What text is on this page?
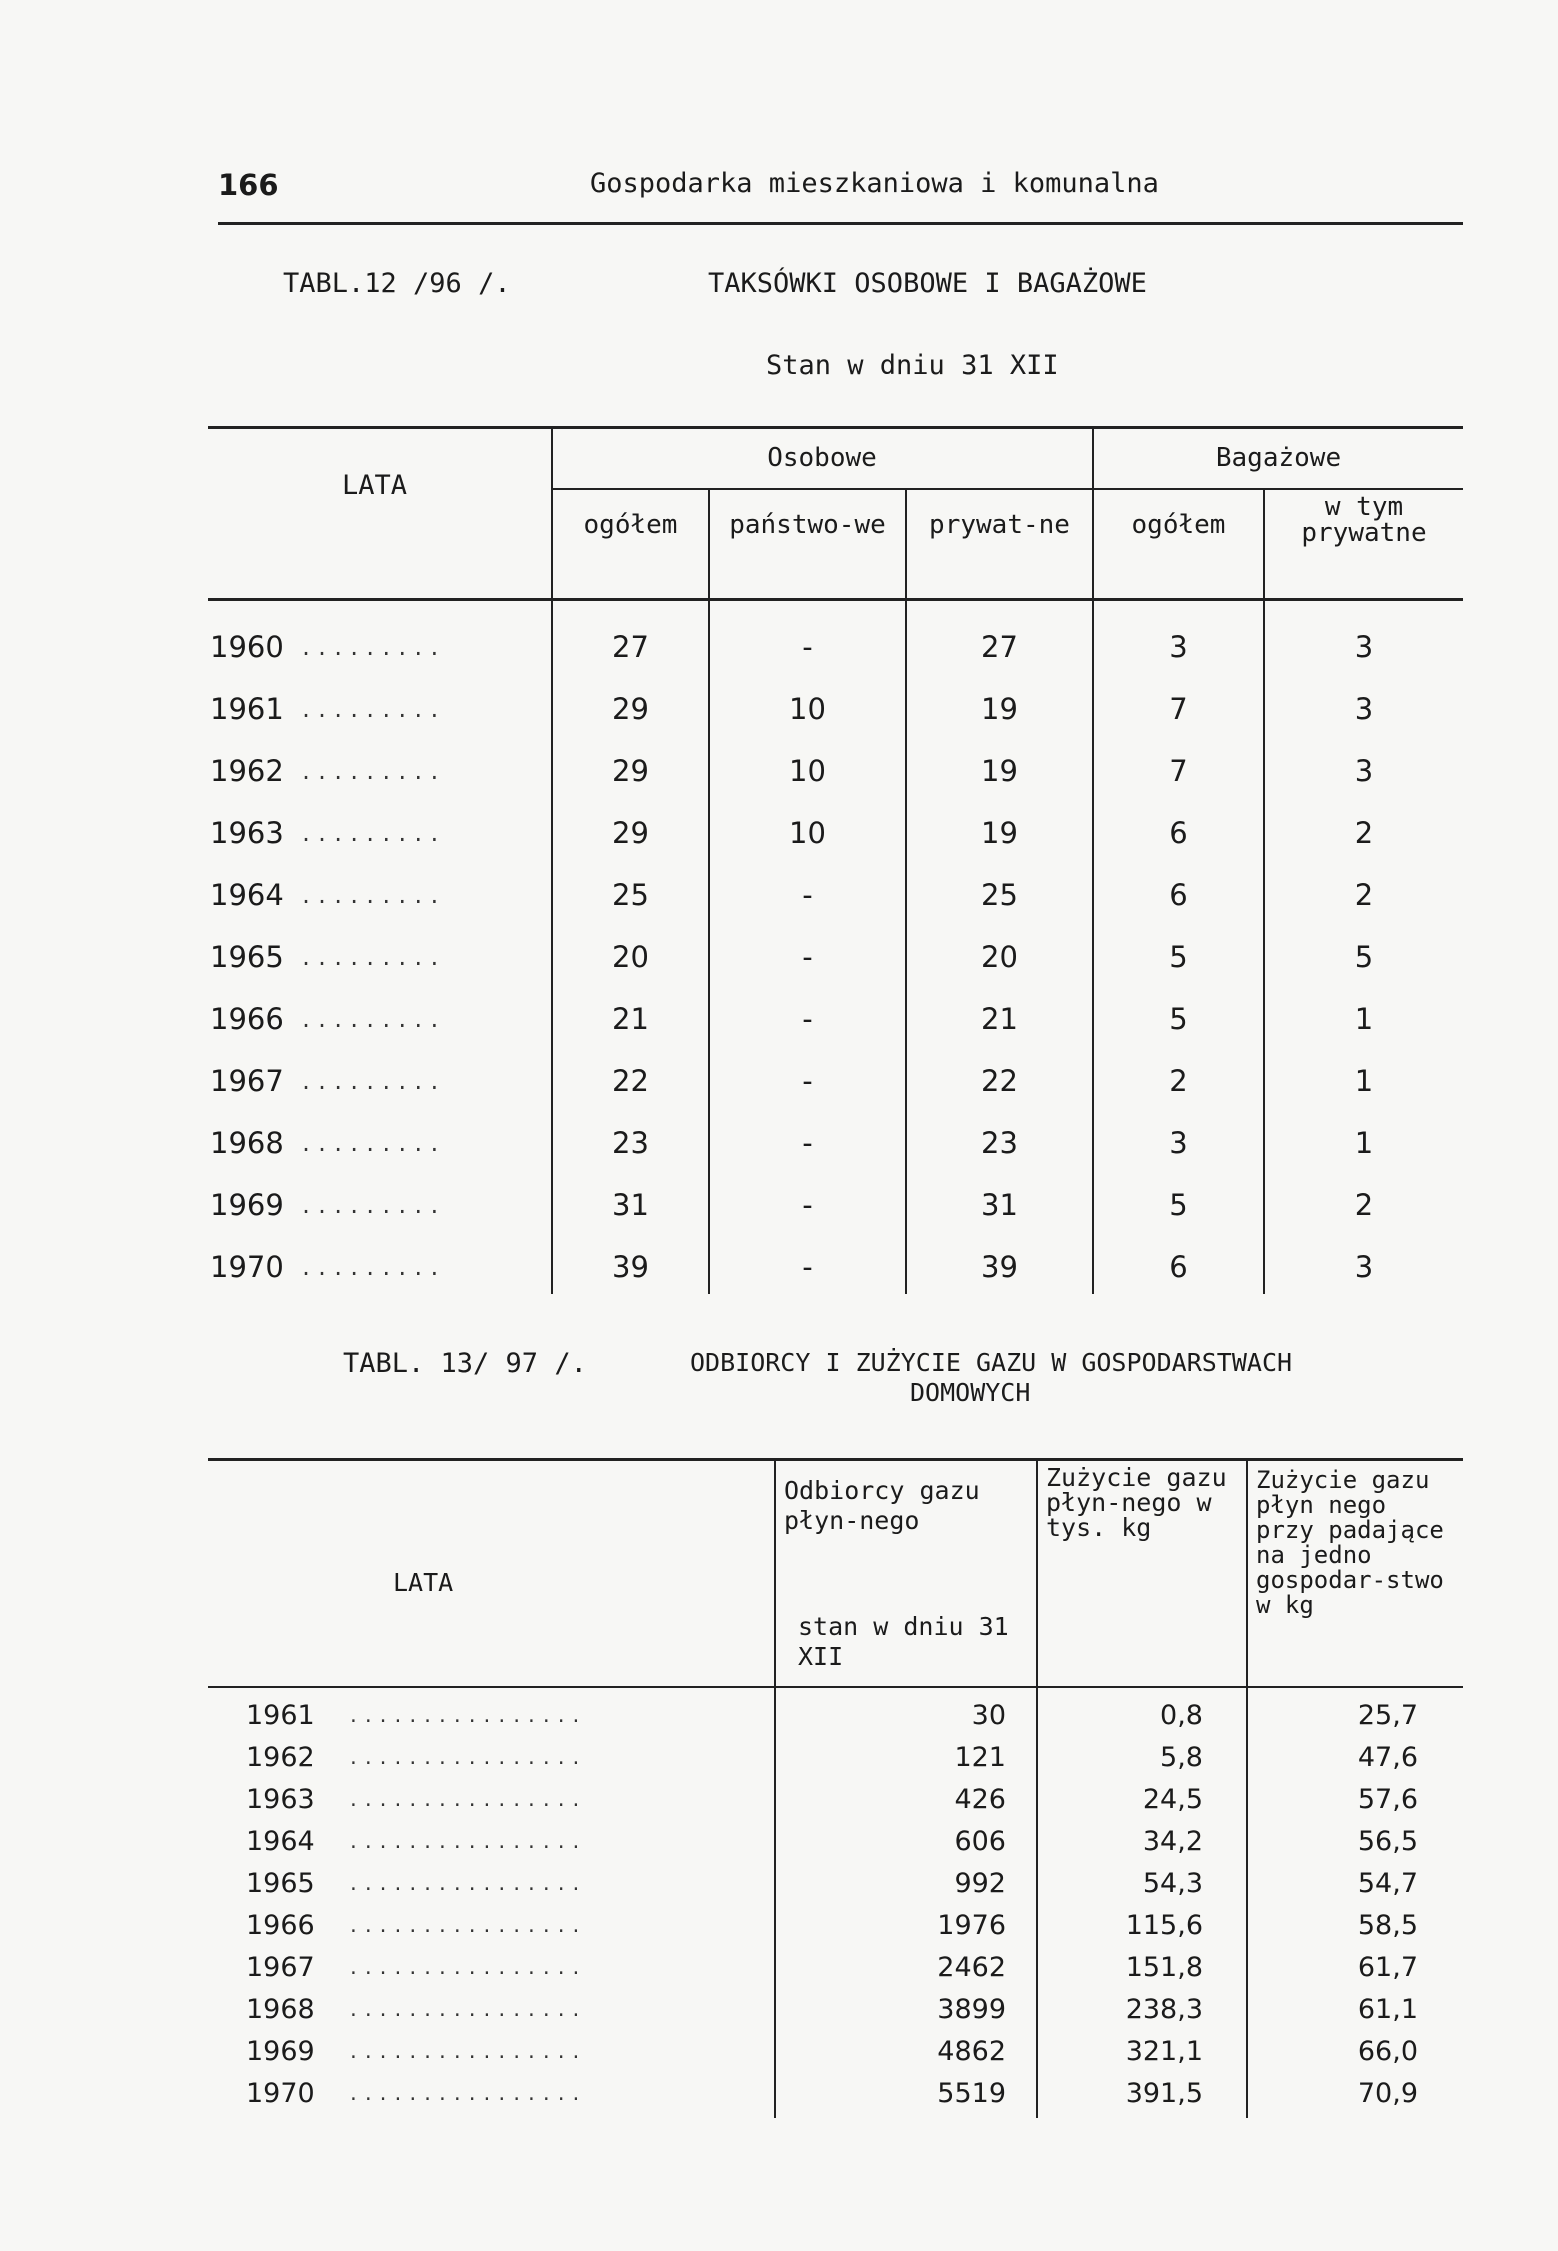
166	Gospodarka mieszkaniowa i komunalna
TABL.12 /96 /.	TAKSÓWKI OSOBOWE I BAGAŻOWE
Stan w dniu 31 XII
LATA
Osobowe	Bagażowe
ogółem	państwo-we	prywat-ne	ogółem
w tym prywatne
1960 .........	27	-	27	3	3
1961 .........	29	10	19	7	3
1962 .........	29	10	19	7	3
1963 .........	29	10	19	6	2
1964 .........	25	-	25	6	2
1965 .........	20	-	20	5	5
1966 .........	21	-	21	5	1
1967 .........	22	-	22	2	1
1968 .........	23	-	23	3	1
1969 .........	31	-	31	5	2
1970 .........	39	-	39	6	3
TABL. 13/ 97 /.	ODBIORCY I ZUŻYCIE GAZU W GOSPODARSTWACH
DOMOWYCH
LATA
Odbiorcy gazu płyn-nego
stan w dniu 31 XII
Zużycie gazu płyn-nego w tys. kg
Zużycie gazu płyn nego przy padające na jedno gospodar-stwo w kg
1961 ................	30	0,8	25,7
1962 ................	121	5,8	47,6
1963 ................	426	24,5	57,6
1964 ................	606	34,2	56,5
1965 ................	992	54,3	54,7
1966 ................	1976	115,6	58,5
1967 ................	2462	151,8	61,7
1968 ................	3899	238,3	61,1
1969 ................	4862	321,1	66,0
1970 ................	5519	391,5	70,9
